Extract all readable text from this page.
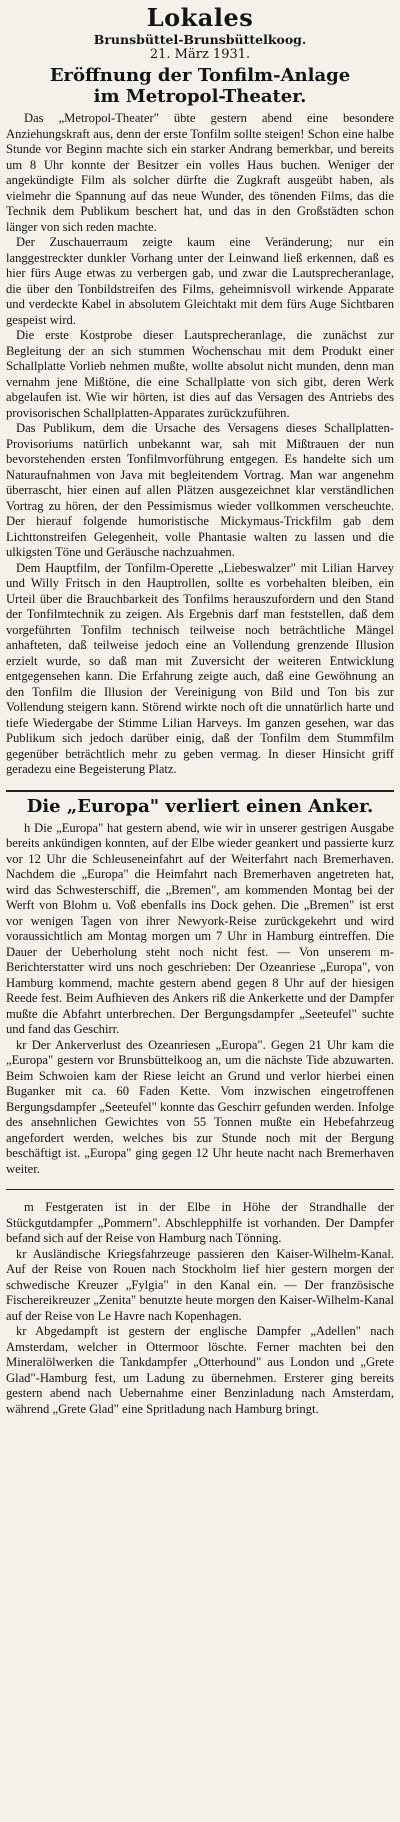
Lokales
Brunsbüttel-Brunsbüttelkoog.
21. März 1931.
Eröffnung der Tonfilm-Anlage
im Metropol-Theater.

Das „Metropol-Theater" übte gestern abend eine besondere Anziehungskraft aus, denn der erste Tonfilm sollte steigen! Schon eine halbe Stunde vor Beginn machte sich ein starker Andrang bemerkbar, und bereits um 8 Uhr konnte der Besitzer ein volles Haus buchen. Weniger der angekündigte Film als solcher dürfte die Zugkraft ausgeübt haben, als vielmehr die Spannung auf das neue Wunder, des tönenden Films, das die Technik dem Publikum beschert hat, und das in den Großstädten schon länger von sich reden machte.

Der Zuschauerraum zeigte kaum eine Veränderung; nur ein langgestreckter dunkler Vorhang unter der Leinwand ließ erkennen, daß es hier fürs Auge etwas zu verbergen gab, und zwar die Lautsprecheranlage, die über den Tonbildstreifen des Films, geheimnisvoll wirkende Apparate und verdeckte Kabel in absolutem Gleichtakt mit dem fürs Auge Sichtbaren gespeist wird.

Die erste Kostprobe dieser Lautsprecheranlage, die zunächst zur Begleitung der an sich stummen Wochenschau mit dem Produkt einer Schallplatte Vorlieb nehmen mußte, wollte absolut nicht munden, denn man vernahm jene Mißtöne, die eine Schallplatte von sich gibt, deren Werk abgelaufen ist. Wie wir hörten, ist dies auf das Versagen des Antriebs des provisorischen Schallplatten-Apparates zurückzuführen.

Das Publikum, dem die Ursache des Versagens dieses Schallplatten-Provisoriums natürlich unbekannt war, sah mit Mißtrauen der nun bevorstehenden ersten Tonfilmvorführung entgegen. Es handelte sich um Naturaufnahmen von Java mit begleitendem Vortrag. Man war angenehm überrascht, hier einen auf allen Plätzen ausgezeichnet klar verständlichen Vortrag zu hören, der den Pessimismus wieder vollkommen verscheuchte. Der hierauf folgende humoristische Mickymaus-Trickfilm gab dem Lichttonstreifen Gelegenheit, volle Phantasie walten zu lassen und die ulkigsten Töne und Geräusche nachzuahmen.

Dem Hauptfilm, der Tonfilm-Operette „Liebeswalzer" mit Lilian Harvey und Willy Fritsch in den Hauptrollen, sollte es vorbehalten bleiben, ein Urteil über die Brauchbarkeit des Tonfilms herauszufordern und den Stand der Tonfilmtechnik zu zeigen. Als Ergebnis darf man feststellen, daß dem vorgeführten Tonfilm technisch teilweise noch beträchtliche Mängel anhafteten, daß teilweise jedoch eine an Vollendung grenzende Illusion erzielt wurde, so daß man mit Zuversicht der weiteren Entwicklung entgegensehen kann. Die Erfahrung zeigte auch, daß eine Gewöhnung an den Tonfilm die Illusion der Vereinigung von Bild und Ton bis zur Vollendung steigern kann. Störend wirkte noch oft die unnatürlich harte und tiefe Wiedergabe der Stimme Lilian Harveys. Im ganzen gesehen, war das Publikum sich jedoch darüber einig, daß der Tonfilm dem Stummfilm gegenüber beträchtlich mehr zu geben vermag. In dieser Hinsicht griff geradezu eine Begeisterung Platz.

Die „Europa" verliert einen Anker.

h Die „Europa" hat gestern abend, wie wir in unserer gestrigen Ausgabe bereits ankündigen konnten, auf der Elbe wieder geankert und passierte kurz vor 12 Uhr die Schleuseneinfahrt auf der Weiterfahrt nach Bremerhaven. Nachdem die „Europa" die Heimfahrt nach Bremerhaven angetreten hat, wird das Schwesterschiff, die „Bremen", am kommenden Montag bei der Werft von Blohm u. Voß ebenfalls ins Dock gehen. Die „Bremen" ist erst vor wenigen Tagen von ihrer Newyork-Reise zurückgekehrt und wird voraussichtlich am Montag morgen um 7 Uhr in Hamburg eintreffen. Die Dauer der Ueberholung steht noch nicht fest. — Von unserem m-Berichterstatter wird uns noch geschrieben: Der Ozeanriese „Europa", von Hamburg kommend, machte gestern abend gegen 8 Uhr auf der hiesigen Reede fest. Beim Aufhieven des Ankers riß die Ankerkette und der Dampfer mußte die Abfahrt unterbrechen. Der Bergungsdampfer „Seeteufel" suchte und fand das Geschirr.

kr Der Ankerverlust des Ozeanriesen „Europa". Gegen 21 Uhr kam die „Europa" gestern vor Brunsbüttelkoog an, um die nächste Tide abzuwarten. Beim Schwoien kam der Riese leicht an Grund und verlor hierbei einen Buganker mit ca. 60 Faden Kette. Vom inzwischen eingetroffenen Bergungsdampfer „Seeteufel" konnte das Geschirr gefunden werden. Infolge des ansehnlichen Gewichtes von 55 Tonnen mußte ein Hebefahrzeug angefordert werden, welches bis zur Stunde noch mit der Bergung beschäftigt ist. „Europa" ging gegen 12 Uhr heute nacht nach Bremerhaven weiter.

m Festgeraten ist in der Elbe in Höhe der Strandhalle der Stückgutdampfer „Pommern". Abschlepphilfe ist vorhanden. Der Dampfer befand sich auf der Reise von Hamburg nach Tönning.

kr Ausländische Kriegsfahrzeuge passieren den Kaiser-Wilhelm-Kanal. Auf der Reise von Rouen nach Stockholm lief hier gestern morgen der schwedische Kreuzer „Fylgia" in den Kanal ein. — Der französische Fischereikreuzer „Zenita" benutzte heute morgen den Kaiser-Wilhelm-Kanal auf der Reise von Le Havre nach Kopenhagen.

kr Abgedampft ist gestern der englische Dampfer „Adellen" nach Amsterdam, welcher in Ottermoor löschte. Ferner machten bei den Mineralölwerken die Tankdampfer „Otterhound" aus London und „Grete Glad"-Hamburg fest, um Ladung zu übernehmen. Ersterer ging bereits gestern abend nach Uebernahme einer Benzinladung nach Amsterdam, während „Grete Glad" eine Spritladung nach Hamburg bringt.
